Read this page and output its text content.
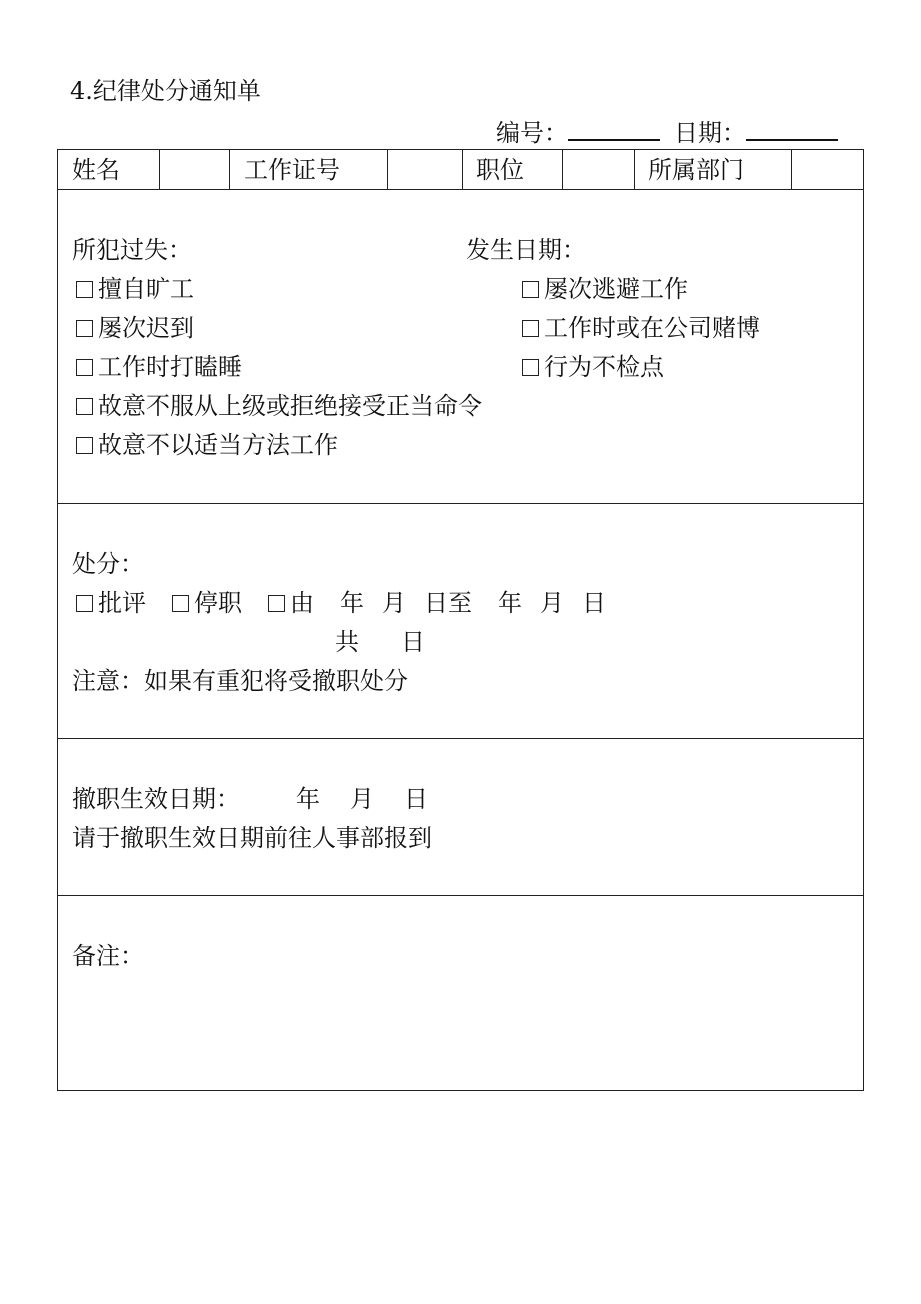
4.纪律处分通知单
编号：	日期：
姓名	工作证号	职位	所属部门
所犯过失：	发生日期：
擅自旷工	屡次逃避工作
屡次迟到	工作时或在公司赌博
工作时打瞌睡	行为不检点
故意不服从上级或拒绝接受正当命令
故意不以适当方法工作
处分：
批评 停职 由 年 月 日至 年 月 日
共 日
注意：如果有重犯将受撤职处分
撤职生效日期： 年 月 日
请于撤职生效日期前往人事部报到
备注：
